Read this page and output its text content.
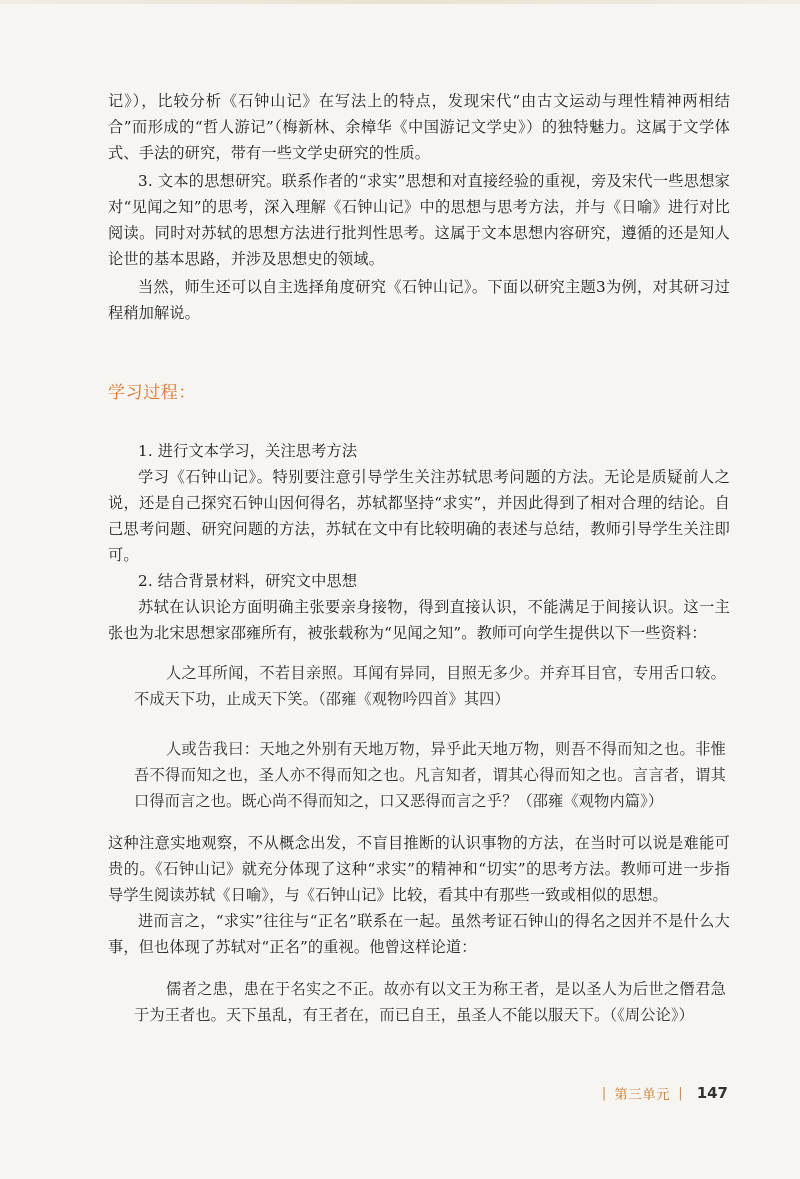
记》），比较分析《石钟山记》在写法上的特点，发现宋代“由古文运动与理性精神两相结合”而形成的“哲人游记”（梅新林、余樟华《中国游记文学史》）的独特魅力。这属于文学体式、手法的研究，带有一些文学史研究的性质。

3. 文本的思想研究。联系作者的“求实”思想和对直接经验的重视，旁及宋代一些思想家对“见闻之知”的思考，深入理解《石钟山记》中的思想与思考方法，并与《日喻》进行对比阅读。同时对苏轼的思想方法进行批判性思考。这属于文本思想内容研究，遵循的还是知人论世的基本思路，并涉及思想史的领域。

当然，师生还可以自主选择角度研究《石钟山记》。下面以研究主题3为例，对其研习过程稍加解说。

学习过程：

1. 进行文本学习，关注思考方法

学习《石钟山记》。特别要注意引导学生关注苏轼思考问题的方法。无论是质疑前人之说，还是自己探究石钟山因何得名，苏轼都坚持“求实”，并因此得到了相对合理的结论。自己思考问题、研究问题的方法，苏轼在文中有比较明确的表述与总结，教师引导学生关注即可。

2. 结合背景材料，研究文中思想

苏轼在认识论方面明确主张要亲身接物，得到直接认识，不能满足于间接认识。这一主张也为北宋思想家邵雍所有，被张载称为“见闻之知”。教师可向学生提供以下一些资料：

人之耳所闻，不若目亲照。耳闻有异同，目照无多少。并弃耳目官，专用舌口较。不成天下功，止成天下笑。（邵雍《观物吟四首》其四）

人或告我曰：天地之外别有天地万物，异乎此天地万物，则吾不得而知之也。非惟吾不得而知之也，圣人亦不得而知之也。凡言知者，谓其心得而知之也。言言者，谓其口得而言之也。既心尚不得而知之，口又恶得而言之乎？（邵雍《观物内篇》）

这种注意实地观察，不从概念出发，不盲目推断的认识事物的方法，在当时可以说是难能可贵的。《石钟山记》就充分体现了这种“求实”的精神和“切实”的思考方法。教师可进一步指导学生阅读苏轼《日喻》，与《石钟山记》比较，看其中有那些一致或相似的思想。

进而言之，“求实”往往与“正名”联系在一起。虽然考证石钟山的得名之因并不是什么大事，但也体现了苏轼对“正名”的重视。他曾这样论道：

儒者之患，患在于名实之不正。故亦有以文王为称王者，是以圣人为后世之僭君急于为王者也。天下虽乱，有王者在，而已自王，虽圣人不能以服天下。（《周公论》）

| 第三单元 | 147
